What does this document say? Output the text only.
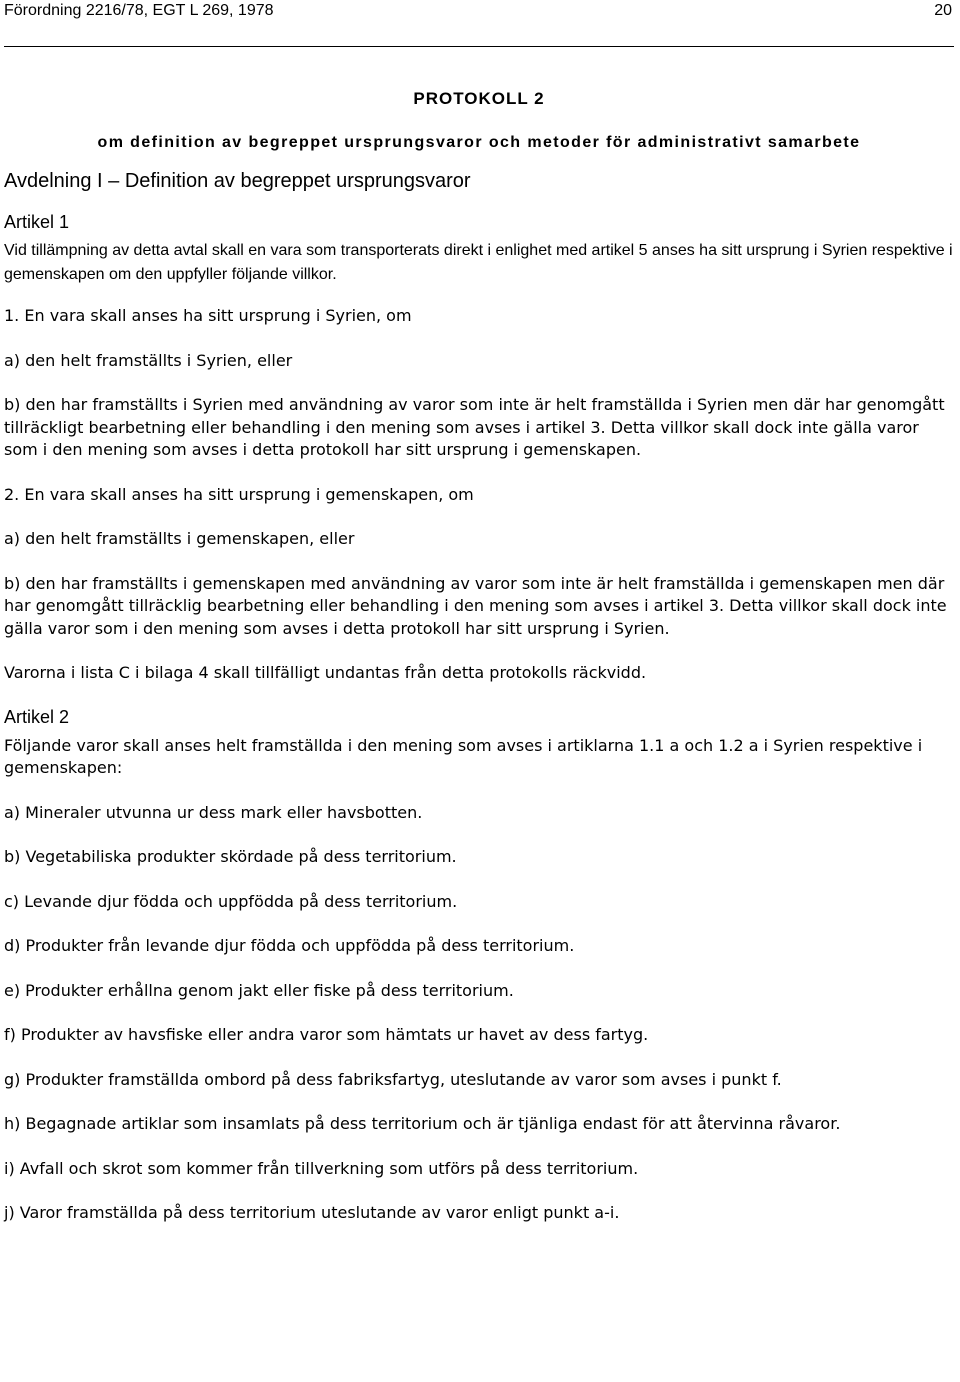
Förordning 2216/78, EGT L 269, 1978	20

PROTOKOLL 2

om definition av begreppet ursprungsvaror och metoder för administrativt samarbete

Avdelning I – Definition av begreppet ursprungsvaror

Artikel 1

Vid tillämpning av detta avtal skall en vara som transporterats direkt i enlighet med artikel 5 anses ha sitt ursprung i Syrien respektive i gemenskapen om den uppfyller följande villkor.

1. En vara skall anses ha sitt ursprung i Syrien, om

a) den helt framställts i Syrien, eller

b) den har framställts i Syrien med användning av varor som inte är helt framställda i Syrien men där har genomgått tillräckligt bearbetning eller behandling i den mening som avses i artikel 3. Detta villkor skall dock inte gälla varor som i den mening som avses i detta protokoll har sitt ursprung i gemenskapen.

2. En vara skall anses ha sitt ursprung i gemenskapen, om

a) den helt framställts i gemenskapen, eller

b) den har framställts i gemenskapen med användning av varor som inte är helt framställda i gemenskapen men där har genomgått tillräcklig bearbetning eller behandling i den mening som avses i artikel 3. Detta villkor skall dock inte gälla varor som i den mening som avses i detta protokoll har sitt ursprung i Syrien.

Varorna i lista C i bilaga 4 skall tillfälligt undantas från detta protokolls räckvidd.

Artikel 2

Följande varor skall anses helt framställda i den mening som avses i artiklarna 1.1 a och 1.2 a i Syrien respektive i gemenskapen:

a) Mineraler utvunna ur dess mark eller havsbotten.

b) Vegetabiliska produkter skördade på dess territorium.

c) Levande djur födda och uppfödda på dess territorium.

d) Produkter från levande djur födda och uppfödda på dess territorium.

e) Produkter erhållna genom jakt eller fiske på dess territorium.

f) Produkter av havsfiske eller andra varor som hämtats ur havet av dess fartyg.

g) Produkter framställda ombord på dess fabriksfartyg, uteslutande av varor som avses i punkt f.

h) Begagnade artiklar som insamlats på dess territorium och är tjänliga endast för att återvinna råvaror.

i) Avfall och skrot som kommer från tillverkning som utförs på dess territorium.

j) Varor framställda på dess territorium uteslutande av varor enligt punkt a-i.
